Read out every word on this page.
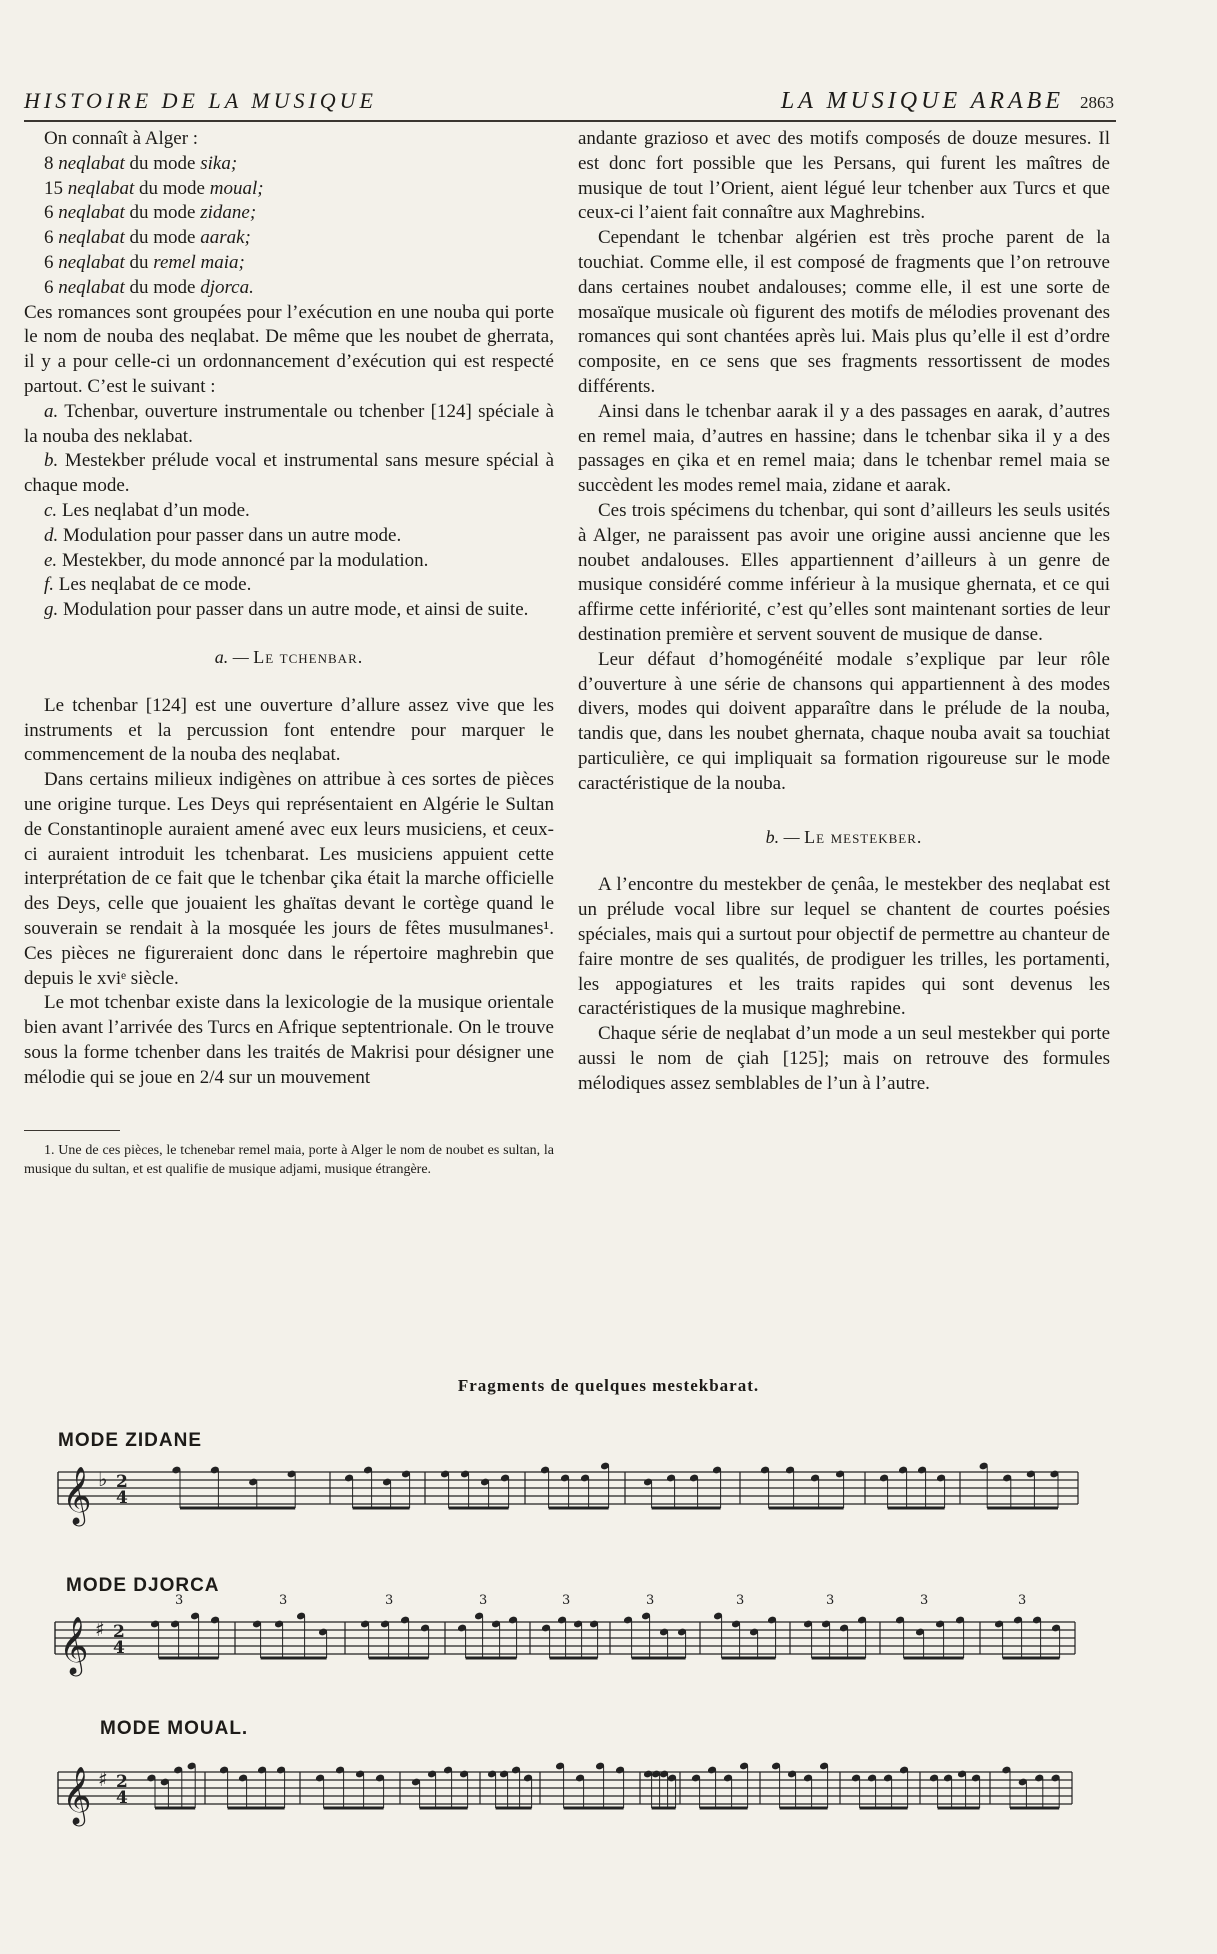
HISTOIRE DE LA MUSIQUE	LA MUSIQUE ARABE 2863

On connaît à Alger :

8 neqlabat du mode sika;

15 neqlabat du mode moual;

6 neqlabat du mode zidane;

6 neqlabat du mode aarak;

6 neqlabat du remel maia;

6 neqlabat du mode djorca.

Ces romances sont groupées pour l’exécution en une nouba qui porte le nom de nouba des neqlabat. De même que les noubet de gherrata, il y a pour celle-ci un ordonnancement d’exécution qui est respecté partout. C’est le suivant :

a. Tchenbar, ouverture instrumentale ou tchenber [124] spéciale à la nouba des neklabat.

b. Mestekber prélude vocal et instrumental sans mesure spécial à chaque mode.

c. Les neqlabat d’un mode.

d. Modulation pour passer dans un autre mode.

e. Mestekber, du mode annoncé par la modulation.

f. Les neqlabat de ce mode.

g. Modulation pour passer dans un autre mode, et ainsi de suite.

a. — Le tchenbar.

Le tchenbar [124] est une ouverture d’allure assez vive que les instruments et la percussion font entendre pour marquer le commencement de la nouba des neqlabat.

Dans certains milieux indigènes on attribue à ces sortes de pièces une origine turque. Les Deys qui représentaient en Algérie le Sultan de Constantinople auraient amené avec eux leurs musiciens, et ceux-ci auraient introduit les tchenbarat. Les musiciens appuient cette interprétation de ce fait que le tchenbar çika était la marche officielle des Deys, celle que jouaient les ghaïtas devant le cortège quand le souverain se rendait à la mosquée les jours de fêtes musulmanes¹. Ces pièces ne figureraient donc dans le répertoire maghrebin que depuis le xviᵉ siècle.

Le mot tchenbar existe dans la lexicologie de la musique orientale bien avant l’arrivée des Turcs en Afrique septentrionale. On le trouve sous la forme tchenber dans les traités de Makrisi pour désigner une mélodie qui se joue en 2/4 sur un mouvement

1. Une de ces pièces, le tchenebar remel maia, porte à Alger le nom de noubet es sultan, la musique du sultan, et est qualifie de musique adjami, musique étrangère.

andante grazioso et avec des motifs composés de douze mesures. Il est donc fort possible que les Persans, qui furent les maîtres de musique de tout l’Orient, aient légué leur tchenber aux Turcs et que ceux-ci l’aient fait connaître aux Maghrebins.

Cependant le tchenbar algérien est très proche parent de la touchiat. Comme elle, il est composé de fragments que l’on retrouve dans certaines noubet andalouses; comme elle, il est une sorte de mosaïque musicale où figurent des motifs de mélodies provenant des romances qui sont chantées après lui. Mais plus qu’elle il est d’ordre composite, en ce sens que ses fragments ressortissent de modes différents.

Ainsi dans le tchenbar aarak il y a des passages en aarak, d’autres en remel maia, d’autres en hassine; dans le tchenbar sika il y a des passages en çika et en remel maia; dans le tchenbar remel maia se succèdent les modes remel maia, zidane et aarak.

Ces trois spécimens du tchenbar, qui sont d’ailleurs les seuls usités à Alger, ne paraissent pas avoir une origine aussi ancienne que les noubet andalouses. Elles appartiennent d’ailleurs à un genre de musique considéré comme inférieur à la musique ghernata, et ce qui affirme cette infériorité, c’est qu’elles sont maintenant sorties de leur destination première et servent souvent de musique de danse.

Leur défaut d’homogénéité modale s’explique par leur rôle d’ouverture à une série de chansons qui appartiennent à des modes divers, modes qui doivent apparaître dans le prélude de la nouba, tandis que, dans les noubet ghernata, chaque nouba avait sa touchiat particulière, ce qui impliquait sa formation rigoureuse sur le mode caractéristique de la nouba.

b. — Le mestekber.

A l’encontre du mestekber de çenâa, le mestekber des neqlabat est un prélude vocal libre sur lequel se chantent de courtes poésies spéciales, mais qui a surtout pour objectif de permettre au chanteur de faire montre de ses qualités, de prodiguer les trilles, les portamenti, les appogiatures et les traits rapides qui sont devenus les caractéristiques de la musique maghrebine.

Chaque série de neqlabat d’un mode a un seul mestekber qui porte aussi le nom de çiah [125]; mais on retrouve des formules mélodiques assez semblables de l’un à l’autre.

Fragments de quelques mestekbarat.
MODE ZIDANE
𝄞 ♭ 2
4
MODE DJORCA
𝄞 ♯ 2
4
3	3	3	3	3	3	3	3	3	3
MODE MOUAL.
𝄞 ♯ 2
4
